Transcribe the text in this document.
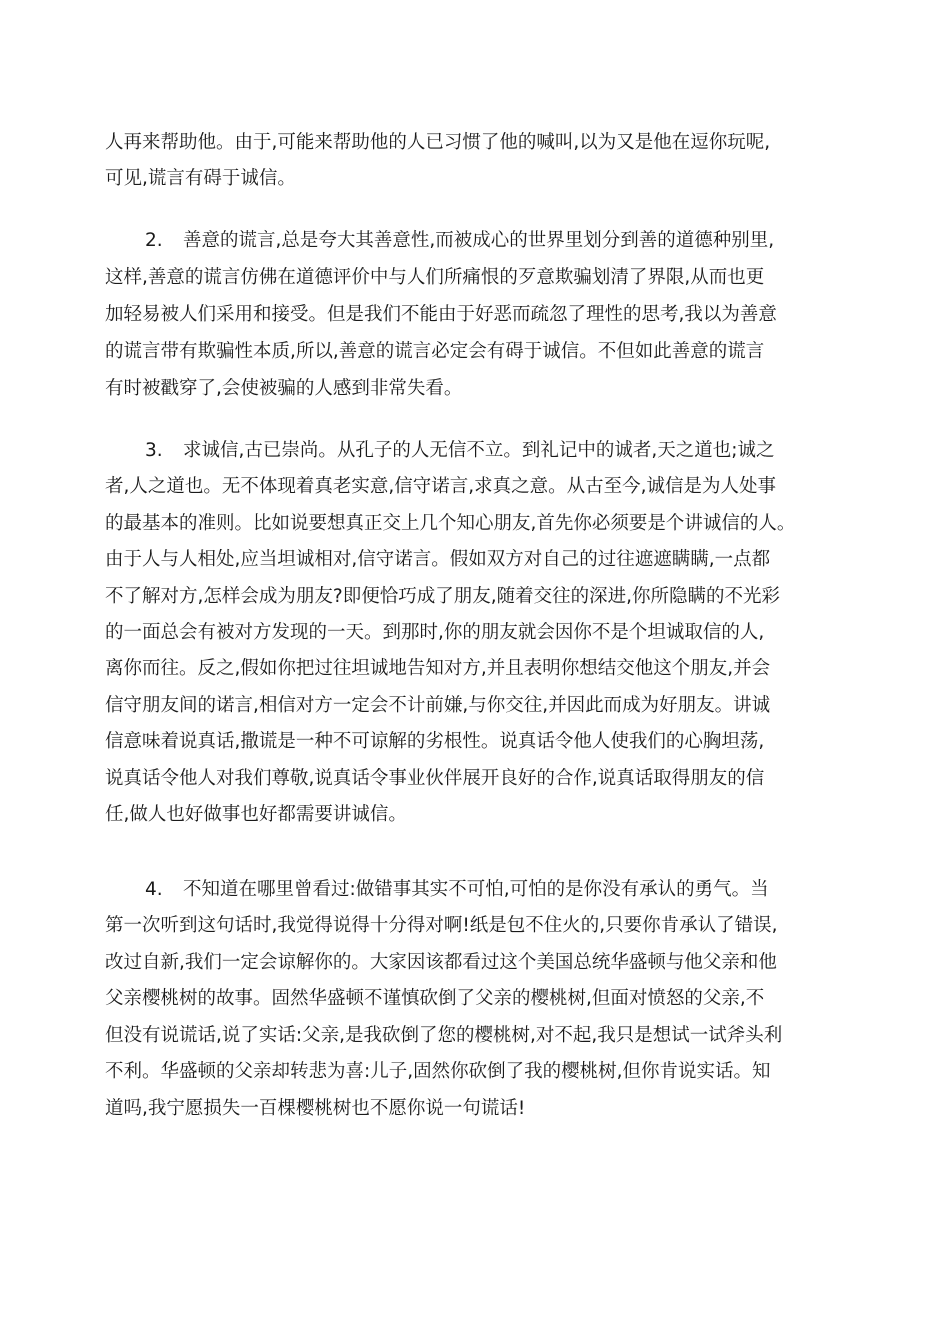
人再来帮助他。由于,可能来帮助他的人已习惯了他的喊叫,以为又是他在逗你玩呢,
可见,谎言有碍于诚信。
2. 善意的谎言,总是夸大其善意性,而被成心的世界里划分到善的道德种别里,
这样,善意的谎言仿佛在道德评价中与人们所痛恨的歹意欺骗划清了界限,从而也更
加轻易被人们采用和接受。但是我们不能由于好恶而疏忽了理性的思考,我以为善意
的谎言带有欺骗性本质,所以,善意的谎言必定会有碍于诚信。不但如此善意的谎言
有时被戳穿了,会使被骗的人感到非常失看。
3. 求诚信,古已崇尚。从孔子的人无信不立。到礼记中的诚者,天之道也;诚之
者,人之道也。无不体现着真老实意,信守诺言,求真之意。从古至今,诚信是为人处事
的最基本的准则。比如说要想真正交上几个知心朋友,首先你必须要是个讲诚信的人。
由于人与人相处,应当坦诚相对,信守诺言。假如双方对自己的过往遮遮瞒瞒,一点都
不了解对方,怎样会成为朋友?即便恰巧成了朋友,随着交往的深进,你所隐瞒的不光彩
的一面总会有被对方发现的一天。到那时,你的朋友就会因你不是个坦诚取信的人,
离你而往。反之,假如你把过往坦诚地告知对方,并且表明你想结交他这个朋友,并会
信守朋友间的诺言,相信对方一定会不计前嫌,与你交往,并因此而成为好朋友。讲诚
信意味着说真话,撒谎是一种不可谅解的劣根性。说真话令他人使我们的心胸坦荡,
说真话令他人对我们尊敬,说真话令事业伙伴展开良好的合作,说真话取得朋友的信
任,做人也好做事也好都需要讲诚信。
4. 不知道在哪里曾看过:做错事其实不可怕,可怕的是你没有承认的勇气。当
第一次听到这句话时,我觉得说得十分得对啊!纸是包不住火的,只要你肯承认了错误,
改过自新,我们一定会谅解你的。大家因该都看过这个美国总统华盛顿与他父亲和他
父亲樱桃树的故事。固然华盛顿不谨慎砍倒了父亲的樱桃树,但面对愤怒的父亲,不
但没有说谎话,说了实话:父亲,是我砍倒了您的樱桃树,对不起,我只是想试一试斧头利
不利。华盛顿的父亲却转悲为喜:儿子,固然你砍倒了我的樱桃树,但你肯说实话。知
道吗,我宁愿损失一百棵樱桃树也不愿你说一句谎话!
